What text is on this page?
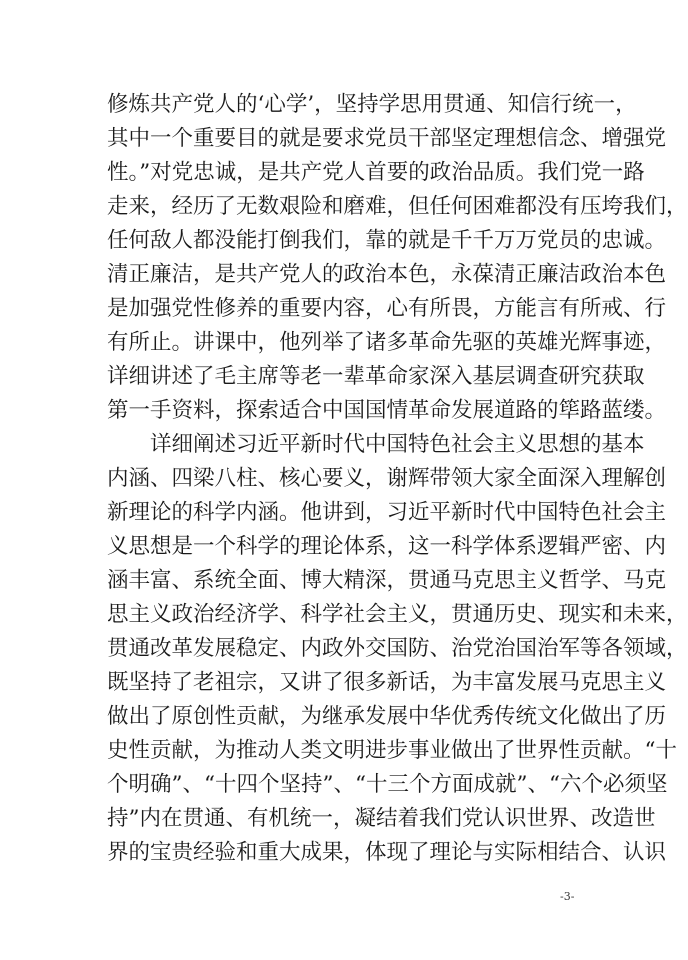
修炼共产党人的‘心学’，坚持学思用贯通、知信行统一，
其中一个重要目的就是要求党员干部坚定理想信念、增强党
性。”对党忠诚，是共产党人首要的政治品质。我们党一路
走来，经历了无数艰险和磨难，但任何困难都没有压垮我们，
任何敌人都没能打倒我们，靠的就是千千万万党员的忠诚。
清正廉洁，是共产党人的政治本色，永葆清正廉洁政治本色
是加强党性修养的重要内容，心有所畏，方能言有所戒、行
有所止。讲课中，他列举了诸多革命先驱的英雄光辉事迹，
详细讲述了毛主席等老一辈革命家深入基层调查研究获取
第一手资料，探索适合中国国情革命发展道路的筚路蓝缕。
详细阐述习近平新时代中国特色社会主义思想的基本
内涵、四梁八柱、核心要义，谢辉带领大家全面深入理解创
新理论的科学内涵。他讲到，习近平新时代中国特色社会主
义思想是一个科学的理论体系，这一科学体系逻辑严密、内
涵丰富、系统全面、博大精深，贯通马克思主义哲学、马克
思主义政治经济学、科学社会主义，贯通历史、现实和未来，
贯通改革发展稳定、内政外交国防、治党治国治军等各领域，
既坚持了老祖宗，又讲了很多新话，为丰富发展马克思主义
做出了原创性贡献，为继承发展中华优秀传统文化做出了历
史性贡献，为推动人类文明进步事业做出了世界性贡献。“十
个明确”、“十四个坚持”、“十三个方面成就”、“六个必须坚
持”内在贯通、有机统一，凝结着我们党认识世界、改造世
界的宝贵经验和重大成果，体现了理论与实际相结合、认识
-3-
